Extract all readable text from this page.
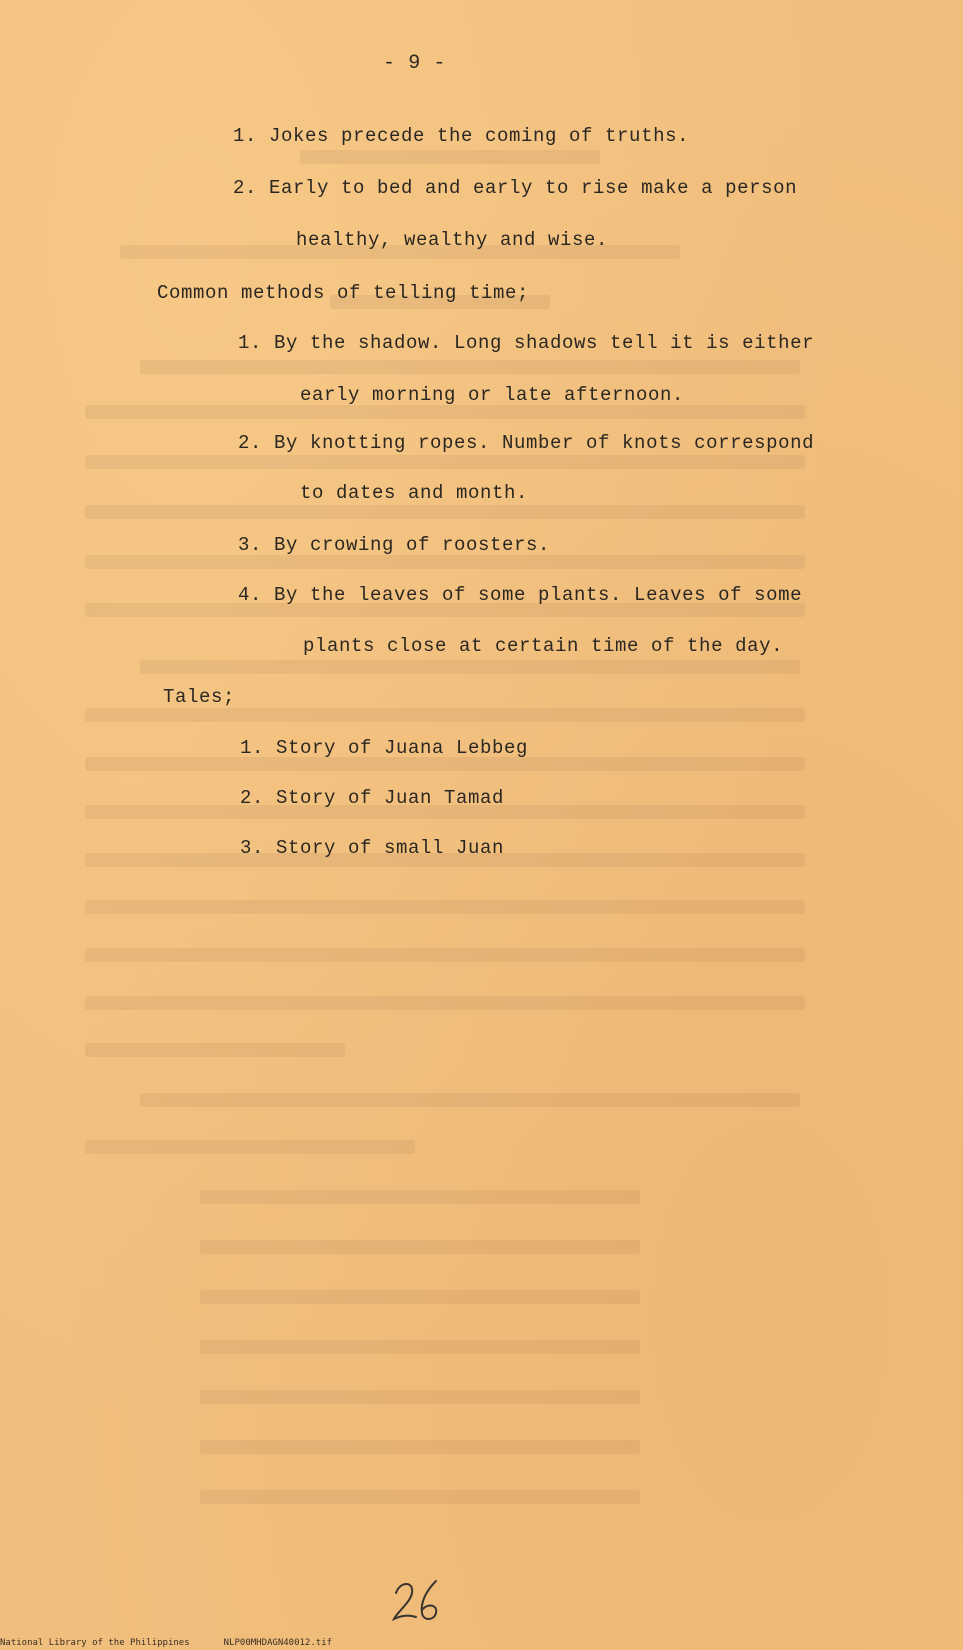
- 9 -
1. Jokes precede the coming of truths.
2. Early to bed and early to rise make a person
healthy, wealthy and wise.
Common methods of telling time;
1. By the shadow. Long shadows tell it is either
early morning or late afternoon.
2. By knotting ropes. Number of knots correspond
to dates and month.
3. By crowing of roosters.
4. By the leaves of some plants. Leaves of some
plants close at certain time of the day.
Tales;
1. Story of Juana Lebbeg
2. Story of Juan Tamad
3. Story of small Juan
National Library of the Philippines	NLP00MHDAGN40012.tif
